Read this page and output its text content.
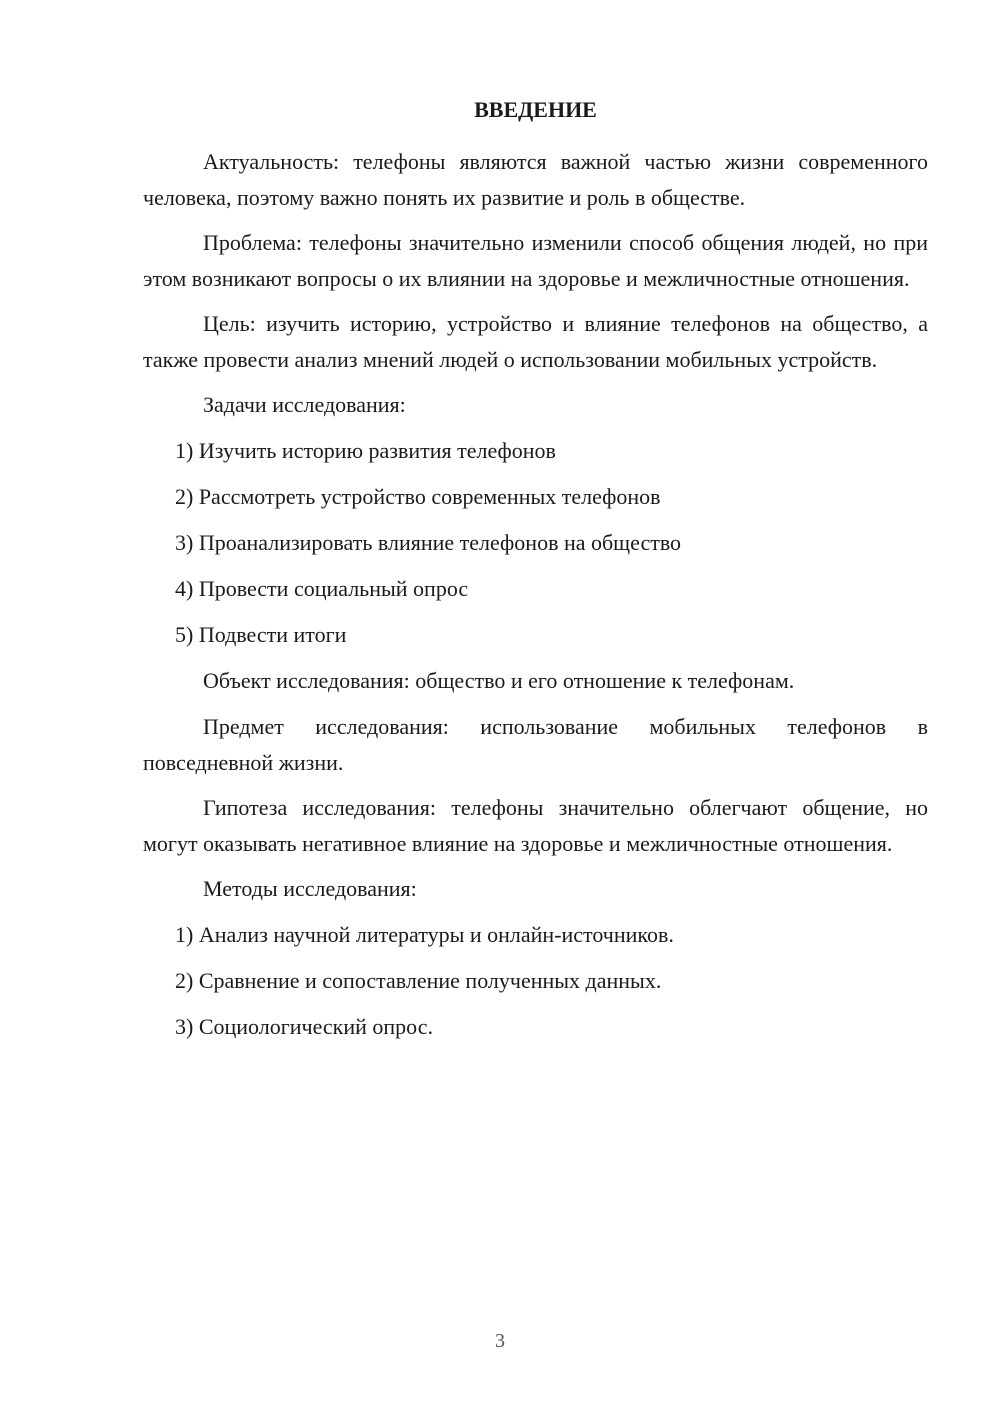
ВВЕДЕНИЕ

Актуальность: телефоны являются важной частью жизни современного человека, поэтому важно понять их развитие и роль в обществе.

Проблема: телефоны значительно изменили способ общения людей, но при этом возникают вопросы о их влиянии на здоровье и межличностные отношения.

Цель: изучить историю, устройство и влияние телефонов на общество, а также провести анализ мнений людей о использовании мобильных устройств.

Задачи исследования:

1) Изучить историю развития телефонов
2) Рассмотреть устройство современных телефонов
3) Проанализировать влияние телефонов на общество
4) Провести социальный опрос
5) Подвести итоги

Объект исследования: общество и его отношение к телефонам.

Предмет исследования: использование мобильных телефонов в повседневной жизни.

Гипотеза исследования: телефоны значительно облегчают общение, но могут оказывать негативное влияние на здоровье и межличностные отношения.

Методы исследования:

1) Анализ научной литературы и онлайн-источников.
2) Сравнение и сопоставление полученных данных.
3) Социологический опрос.
3
